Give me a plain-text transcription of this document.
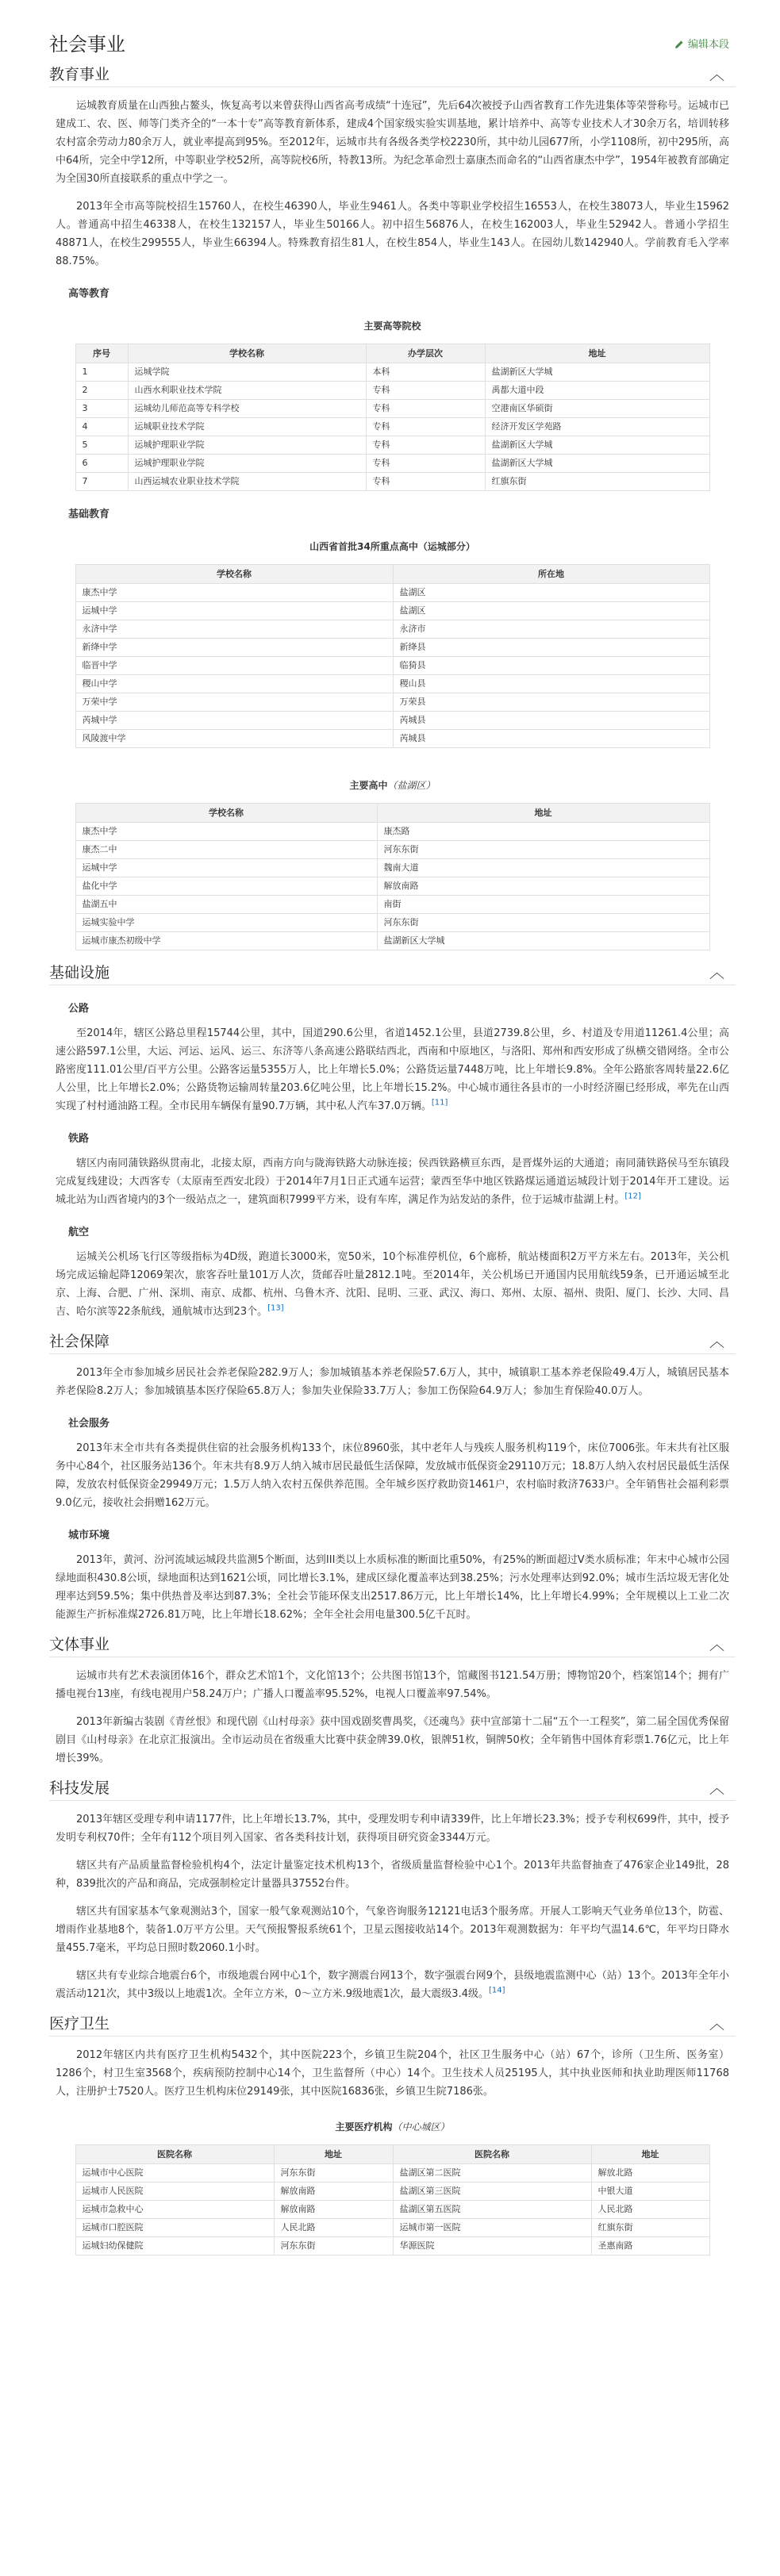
社会事业	编辑本段
教育事业	︿

运城教育质量在山西独占鳌头，恢复高考以来曾获得山西省高考成绩“十连冠”，先后64次被授予山西省教育工作先进集体等荣誉称号。运城市已建成工、农、医、师等门类齐全的“一本十专”高等教育新体系，建成4个国家级实验实训基地，累计培养中、高等专业技术人才30余万名，培训转移农村富余劳动力80余万人，就业率提高到95%。至2012年，运城市共有各级各类学校2230所，其中幼儿园677所，小学1108所，初中295所，高中64所，完全中学12所，中等职业学校52所，高等院校6所，特教13所。为纪念革命烈士嘉康杰而命名的“山西省康杰中学”，1954年被教育部确定为全国30所直接联系的重点中学之一。

2013年全市高等院校招生15760人，在校生46390人，毕业生9461人。各类中等职业学校招生16553人，在校生38073人，毕业生15962人。普通高中招生46338人，在校生132157人，毕业生50166人。初中招生56876人，在校生162003人，毕业生52942人。普通小学招生48871人，在校生299555人，毕业生66394人。特殊教育招生81人，在校生854人，毕业生143人。在园幼儿数142940人。学前教育毛入学率88.75%。

高等教育
主要高等院校
序号	学校名称	办学层次	地址
1	运城学院	本科	盐湖新区大学城
2	山西水利职业技术学院	专科	禹都大道中段
3	运城幼儿师范高等专科学校	专科	空港南区华硕街
4	运城职业技术学院	专科	经济开发区学苑路
5	运城护理职业学院	专科	盐湖新区大学城
6	运城护理职业学院	专科	盐湖新区大学城
7	山西运城农业职业技术学院	专科	红旗东街
基础教育
山西省首批34所重点高中（运城部分）
学校名称	所在地
康杰中学	盐湖区
运城中学	盐湖区
永济中学	永济市
新绛中学	新绛县
临晋中学	临猗县
稷山中学	稷山县
万荣中学	万荣县
芮城中学	芮城县
风陵渡中学	芮城县
主要高中（盐湖区）
学校名称	地址
康杰中学	康杰路
康杰二中	河东东街
运城中学	魏南大道
盐化中学	解放南路
盐湖五中	南街
运城实验中学	河东东街
运城市康杰初级中学	盐湖新区大学城
基础设施	︿
公路

至2014年，辖区公路总里程15744公里，其中，国道290.6公里，省道1452.1公里，县道2739.8公里，乡、村道及专用道11261.4公里；高速公路597.1公里，大运、河运、运风、运三、东济等八条高速公路联结西北，西南和中原地区，与洛阳、郑州和西安形成了纵横交错网络。全市公路密度111.01公里/百平方公里。公路客运量5355万人，比上年增长5.0%；公路货运量7448万吨，比上年增长9.8%。全年公路旅客周转量22.6亿人公里，比上年增长2.0%；公路货物运输周转量203.6亿吨公里，比上年增长15.2%。中心城市通往各县市的一小时经济圈已经形成，率先在山西实现了村村通油路工程。全市民用车辆保有量90.7万辆，其中私人汽车37.0万辆。[11]

铁路

辖区内南同蒲铁路纵贯南北，北接太原，西南方向与陇海铁路大动脉连接；侯西铁路横亘东西，是晋煤外运的大通道；南同蒲铁路侯马至东镇段完成复线建设；大西客专（太原南至西安北段）于2014年7月1日正式通车运营；蒙西至华中地区铁路煤运通道运城段计划于2014年开工建设。运城北站为山西省境内的3个一级站点之一，建筑面积7999平方米，设有车库，满足作为站发站的条件，位于运城市盐湖上村。[12]

航空

运城关公机场飞行区等级指标为4D级，跑道长3000米，宽50米，10个标准停机位，6个廊桥，航站楼面积2万平方米左右。2013年，关公机场完成运输起降12069架次，旅客吞吐量101万人次，货邮吞吐量2812.1吨。至2014年，关公机场已开通国内民用航线59条，已开通运城至北京、上海、合肥、广州、深圳、南京、成都、杭州、乌鲁木齐、沈阳、昆明、三亚、武汉、海口、郑州、太原、福州、贵阳、厦门、长沙、大同、昌吉、哈尔滨等22条航线，通航城市达到23个。[13]

社会保障	︿

2013年全市参加城乡居民社会养老保险282.9万人；参加城镇基本养老保险57.6万人，其中，城镇职工基本养老保险49.4万人，城镇居民基本养老保险8.2万人；参加城镇基本医疗保险65.8万人；参加失业保险33.7万人；参加工伤保险64.9万人；参加生育保险40.0万人。

社会服务

2013年末全市共有各类提供住宿的社会服务机构133个，床位8960张，其中老年人与残疾人服务机构119个，床位7006张。年末共有社区服务中心84个，社区服务站136个。年末共有8.9万人纳入城市居民最低生活保障，发放城市低保资金29110万元；18.8万人纳入农村居民最低生活保障，发放农村低保资金29949万元；1.5万人纳入农村五保供养范围。全年城乡医疗救助资1461户，农村临时救济7633户。全年销售社会福利彩票9.0亿元，接收社会捐赠162万元。

城市环境

2013年，黄河、汾河流域运城段共监测5个断面，达到III类以上水质标准的断面比重50%，有25%的断面超过V类水质标准；年末中心城市公园绿地面积430.8公顷，绿地面积达到1621公顷，同比增长3.1%，建成区绿化覆盖率达到38.25%；污水处理率达到92.0%；城市生活垃圾无害化处理率达到59.5%；集中供热普及率达到87.3%；全社会节能环保支出2517.86万元，比上年增长14%，比上年增长4.99%；全年规模以上工业二次能源生产折标准煤2726.81万吨，比上年增长18.62%；全年全社会用电量300.5亿千瓦时。

文体事业	︿

运城市共有艺术表演团体16个，群众艺术馆1个，文化馆13个；公共图书馆13个，馆藏图书121.54万册；博物馆20个，档案馆14个；拥有广播电视台13座，有线电视用户58.24万户；广播人口覆盖率95.52%，电视人口覆盖率97.54%。

2013年新编古装剧《青丝恨》和现代剧《山村母亲》获中国戏剧奖曹禺奖，《还魂鸟》获中宣部第十二届“五个一工程奖”，第二届全国优秀保留剧目《山村母亲》在北京汇报演出。全市运动员在省级重大比赛中获金牌39.0枚，银牌51枚，铜牌50枚；全年销售中国体育彩票1.76亿元，比上年增长39%。

科技发展	︿

2013年辖区受理专利申请1177件，比上年增长13.7%，其中，受理发明专利申请339件，比上年增长23.3%；授予专利权699件，其中，授予发明专利权70件；全年有112个项目列入国家、省各类科技计划，获得项目研究资金3344万元。

辖区共有产品质量监督检验机构4个，法定计量鉴定技术机构13个，省级质量监督检验中心1个。2013年共监督抽查了476家企业149批，28种，839批次的产品和商品，完成强制检定计量器具37552台件。

辖区共有国家基本气象观测站3个，国家一般气象观测站10个，气象咨询服务12121电话3个服务席。开展人工影响天气业务单位13个，防雹、增雨作业基地8个，装备1.0万平方公里。天气预报警报系统61个，卫星云图接收站14个。2013年观测数据为：年平均气温14.6℃，年平均日降水量455.7毫米，平均总日照时数2060.1小时。

辖区共有专业综合地震台6个，市级地震台网中心1个，数字测震台网13个，数字强震台网9个，县级地震监测中心（站）13个。2013年全年小震活动121次，其中3级以上地震1次。全年立方米，0～立方米.9级地震1次，最大震级3.4级。[14]

医疗卫生	︿

2012年辖区内共有医疗卫生机构5432个，其中医院223个，乡镇卫生院204个，社区卫生服务中心（站）67个，诊所（卫生所、医务室）1286个，村卫生室3568个，疾病预防控制中心14个，卫生监督所（中心）14个。卫生技术人员25195人，其中执业医师和执业助理医师11768人，注册护士7520人。医疗卫生机构床位29149张，其中医院16836张，乡镇卫生院7186张。

主要医疗机构（中心城区）
医院名称	地址	医院名称	地址
运城市中心医院	河东东街	盐湖区第二医院	解放北路
运城市人民医院	解放南路	盐湖区第三医院	中银大道
运城市急救中心	解放南路	盐湖区第五医院	人民北路
运城市口腔医院	人民北路	运城市第一医院	红旗东街
运城妇幼保健院	河东东街	华源医院	圣惠南路
